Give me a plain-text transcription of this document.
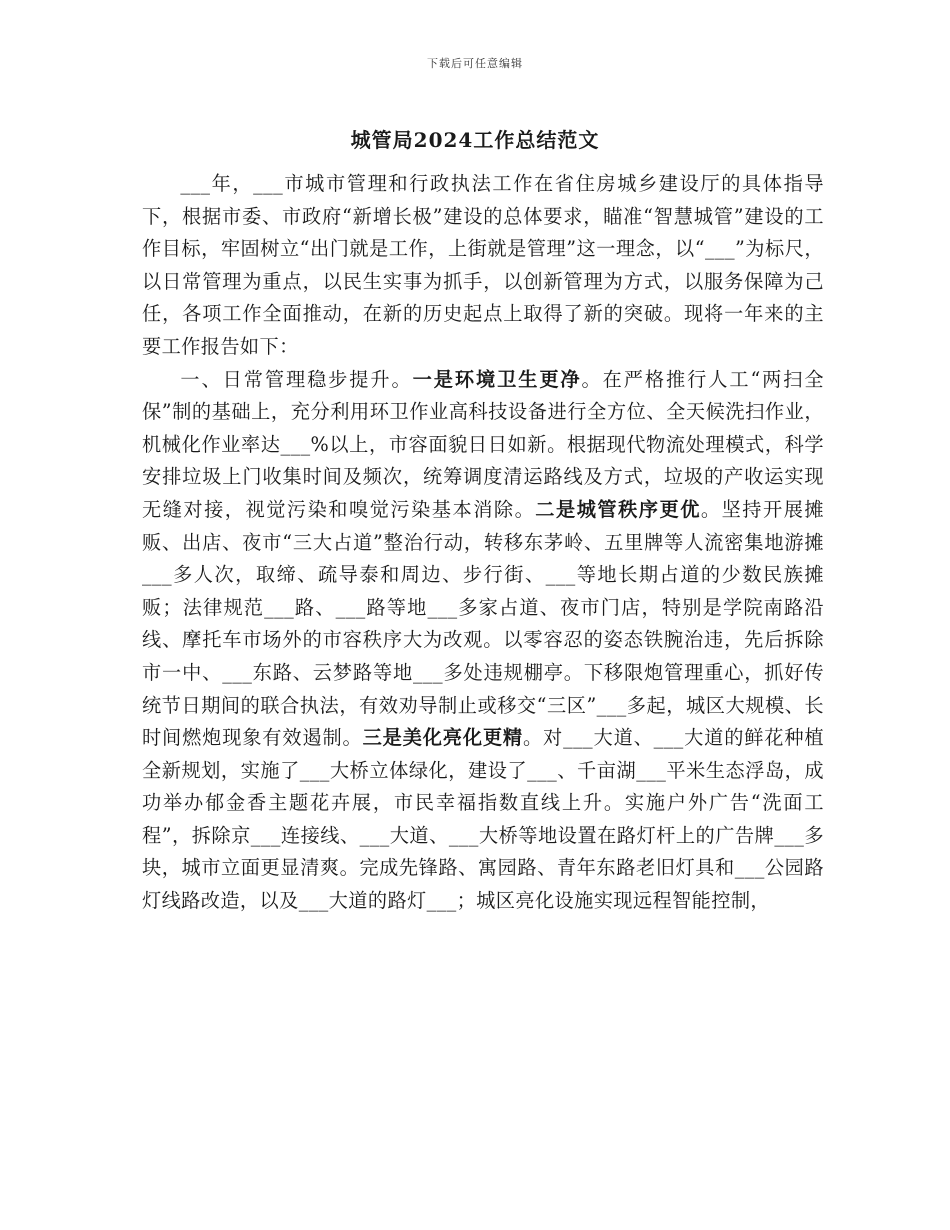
下载后可任意编辑
城管局2024工作总结范文

___年，___市城市管理和行政执法工作在省住房城乡建设厅的具体指导下，根据市委、市政府“新增长极”建设的总体要求，瞄准“智慧城管”建设的工作目标，牢固树立“出门就是工作，上街就是管理”这一理念，以“___”为标尺，以日常管理为重点，以民生实事为抓手，以创新管理为方式，以服务保障为己任，各项工作全面推动，在新的历史起点上取得了新的突破。现将一年来的主要工作报告如下：

一、日常管理稳步提升。一是环境卫生更净。在严格推行人工“两扫全保”制的基础上，充分利用环卫作业高科技设备进行全方位、全天候洗扫作业，机械化作业率达___%以上，市容面貌日日如新。根据现代物流处理模式，科学安排垃圾上门收集时间及频次，统筹调度清运路线及方式，垃圾的产收运实现无缝对接，视觉污染和嗅觉污染基本消除。二是城管秩序更优。坚持开展摊贩、出店、夜市“三大占道”整治行动，转移东茅岭、五里牌等人流密集地游摊___多人次，取缔、疏导泰和周边、步行街、___等地长期占道的少数民族摊贩；法律规范___路、___路等地___多家占道、夜市门店，特别是学院南路沿线、摩托车市场外的市容秩序大为改观。以零容忍的姿态铁腕治违，先后拆除市一中、___东路、云梦路等地___多处违规棚亭。下移限炮管理重心，抓好传统节日期间的联合执法，有效劝导制止或移交“三区”___多起，城区大规模、长时间燃炮现象有效遏制。三是美化亮化更精。对___大道、___大道的鲜花种植全新规划，实施了___大桥立体绿化，建设了___、千亩湖___平米生态浮岛，成功举办郁金香主题花卉展，市民幸福指数直线上升。实施户外广告“洗面工程”，拆除京___连接线、___大道、___大桥等地设置在路灯杆上的广告牌___多块，城市立面更显清爽。完成先锋路、寓园路、青年东路老旧灯具和___公园路灯线路改造，以及___大道的路灯___；城区亮化设施实现远程智能控制，
